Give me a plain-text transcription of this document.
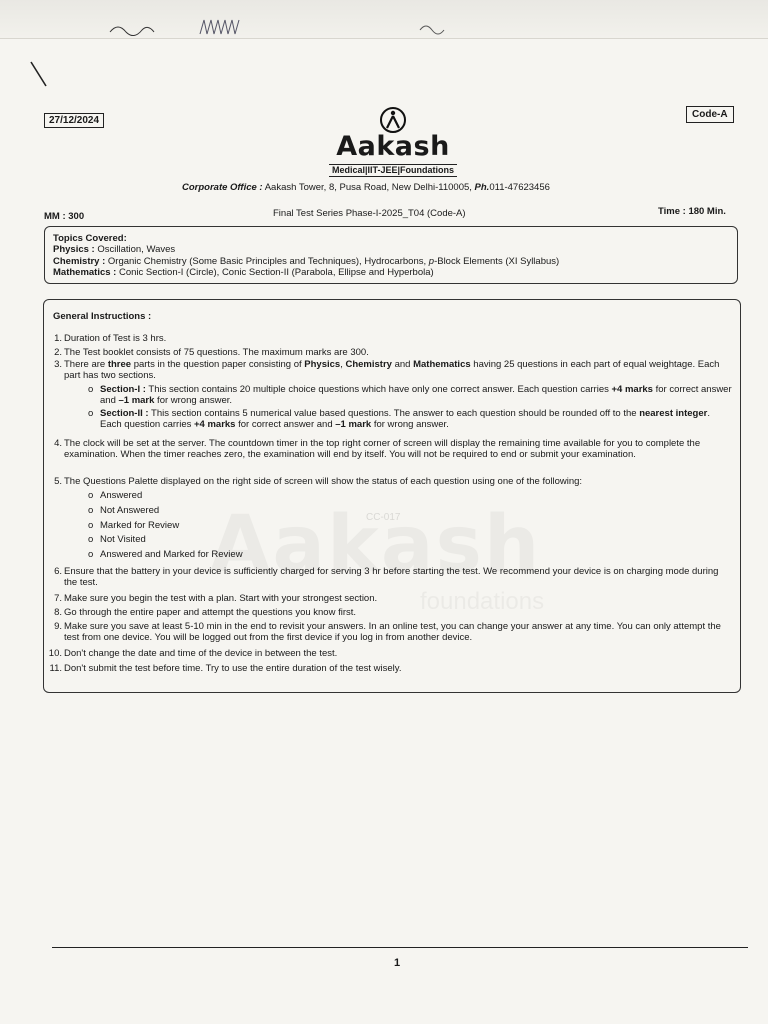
27/12/2024
Code-A
Aakash
Medical|IIT-JEE|Foundations
Corporate Office : Aakash Tower, 8, Pusa Road, New Delhi-110005, Ph.011-47623456
MM : 300	Final Test Series Phase-I-2025_T04 (Code-A)	Time : 180 Min.
Topics Covered:
Physics : Oscillation, Waves
Chemistry : Organic Chemistry (Some Basic Principles and Techniques), Hydrocarbons, p-Block Elements (XI Syllabus)
Mathematics : Conic Section-I (Circle), Conic Section-II (Parabola, Ellipse and Hyperbola)
CC-017
General Instructions :
1. Duration of Test is 3 hrs.
2. The Test booklet consists of 75 questions. The maximum marks are 300.
3. There are three parts in the question paper consisting of Physics, Chemistry and Mathematics having 25 questions in each part of equal weightage. Each part has two sections.
o Section-I : This section contains 20 multiple choice questions which have only one correct answer. Each question carries +4 marks for correct answer and –1 mark for wrong answer.
o Section-II : This section contains 5 numerical value based questions. The answer to each question should be rounded off to the nearest integer. Each question carries +4 marks for correct answer and –1 mark for wrong answer.
4. The clock will be set at the server. The countdown timer in the top right corner of screen will display the remaining time available for you to complete the examination. When the timer reaches zero, the examination will end by itself. You will not be required to end or submit your examination.
5. The Questions Palette displayed on the right side of screen will show the status of each question using one of the following:
o Answered
o Not Answered
o Marked for Review
o Not Visited
o Answered and Marked for Review
6. Ensure that the battery in your device is sufficiently charged for serving 3 hr before starting the test. We recommend your device is on charging mode during the test.
7. Make sure you begin the test with a plan. Start with your strongest section.
8. Go through the entire paper and attempt the questions you know first.
9. Make sure you save at least 5-10 min in the end to revisit your answers. In an online test, you can change your answer at any time. You can only attempt the test from one device. You will be logged out from the first device if you log in from another device.
10. Don't change the date and time of the device in between the test.
11. Don't submit the test before time. Try to use the entire duration of the test wisely.
1
